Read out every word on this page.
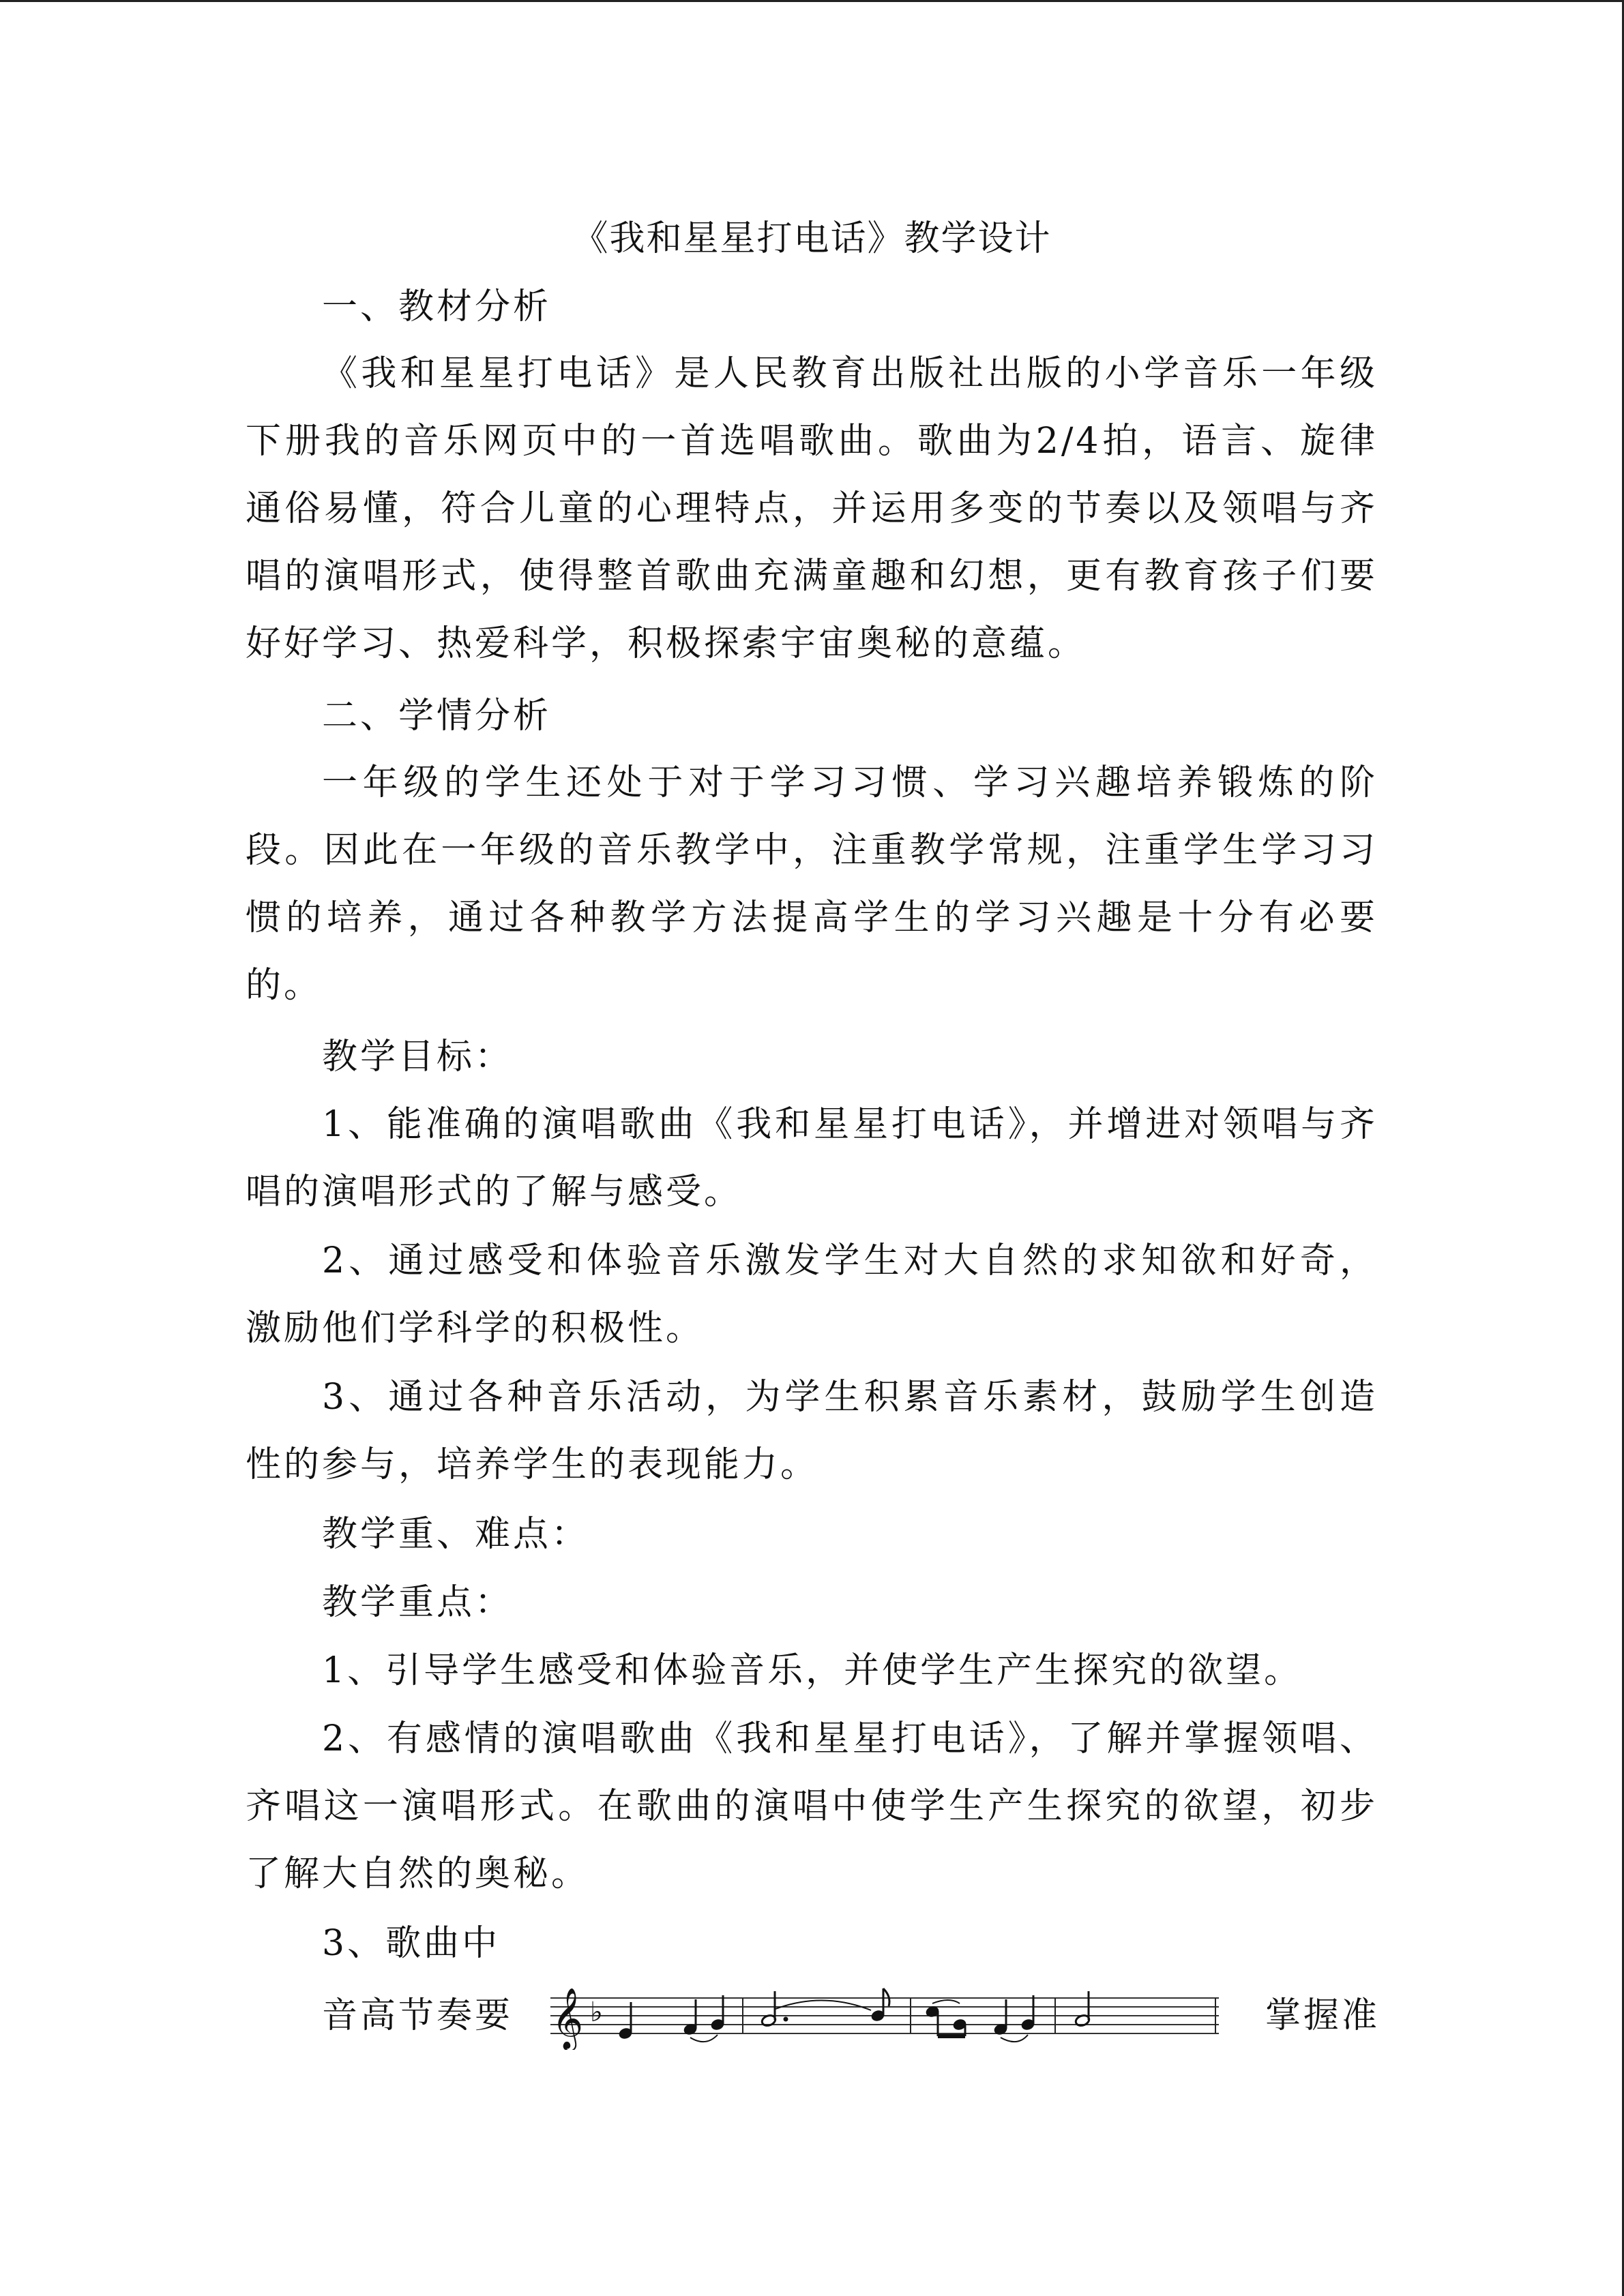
《我和星星打电话》教学设计
一、教材分析
《我和星星打电话》是人民教育出版社出版的小学音乐一年级下册我的音乐网页中的一首选唱歌曲。歌曲为2/4拍，语言、旋律通俗易懂，符合儿童的心理特点，并运用多变的节奏以及领唱与齐唱的演唱形式，使得整首歌曲充满童趣和幻想，更有教育孩子们要好好学习、热爱科学，积极探索宇宙奥秘的意蕴。
二、学情分析
一年级的学生还处于对于学习习惯、学习兴趣培养锻炼的阶段。因此在一年级的音乐教学中，注重教学常规，注重学生学习习惯的培养，通过各种教学方法提高学生的学习兴趣是十分有必要的。
教学目标：
1、能准确的演唱歌曲《我和星星打电话》，并增进对领唱与齐唱的演唱形式的了解与感受。
2、通过感受和体验音乐激发学生对大自然的求知欲和好奇，激励他们学科学的积极性。
3、通过各种音乐活动，为学生积累音乐素材，鼓励学生创造性的参与，培养学生的表现能力。
教学重、难点：
教学重点：
1、引导学生感受和体验音乐，并使学生产生探究的欲望。
2、有感情的演唱歌曲《我和星星打电话》，了解并掌握领唱、齐唱这一演唱形式。在歌曲的演唱中使学生产生探究的欲望，初步了解大自然的奥秘。
3、歌曲中
音高节奏要 𝄞 ♭	掌握准
